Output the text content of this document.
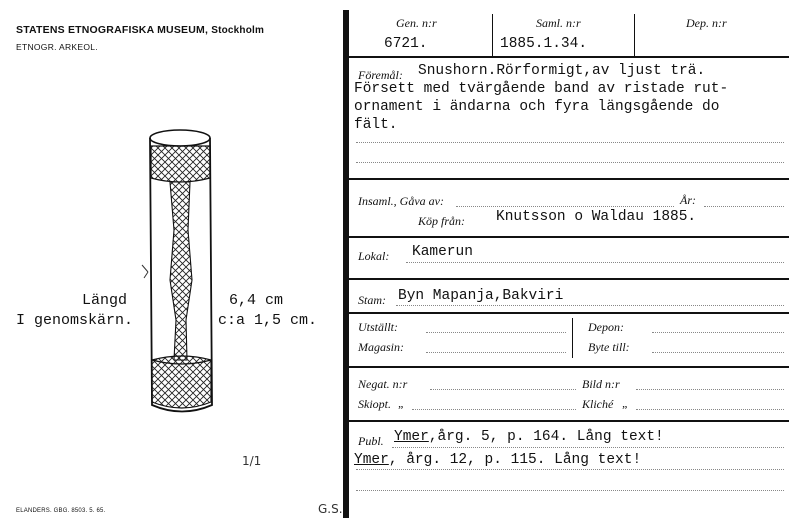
STATENS ETNOGRAFISKA MUSEUM, Stockholm
ETNOGR. ARKEOL.
Längd	6,4 cm
I genomskärn.	c:a 1,5 cm.
1/1
ELANDERS. GBG. 8503. 5. 65.	G.S.
Gen. n:r
6721.
Saml. n:r
1885.1.34.
Dep. n:r
Föremål: Snushorn.Rörformigt,av ljust trä.
Försett med tvärgående band av ristade rut-
ornament i ändarna och fyra längsgående do
fält.
Insaml., Gåva av:	År:
Köp från: Knutsson o Waldau 1885.
Lokal: Kamerun
Stam: Byn Mapanja,Bakviri
Utställt:
Magasin:
Depon:
Byte till:
Negat. n:r	Bild n:r
Skiopt. „	Kliché „
Publ. Ymer,årg. 5, p. 164. Lång text!
Ymer, årg. 12, p. 115. Lång text!
